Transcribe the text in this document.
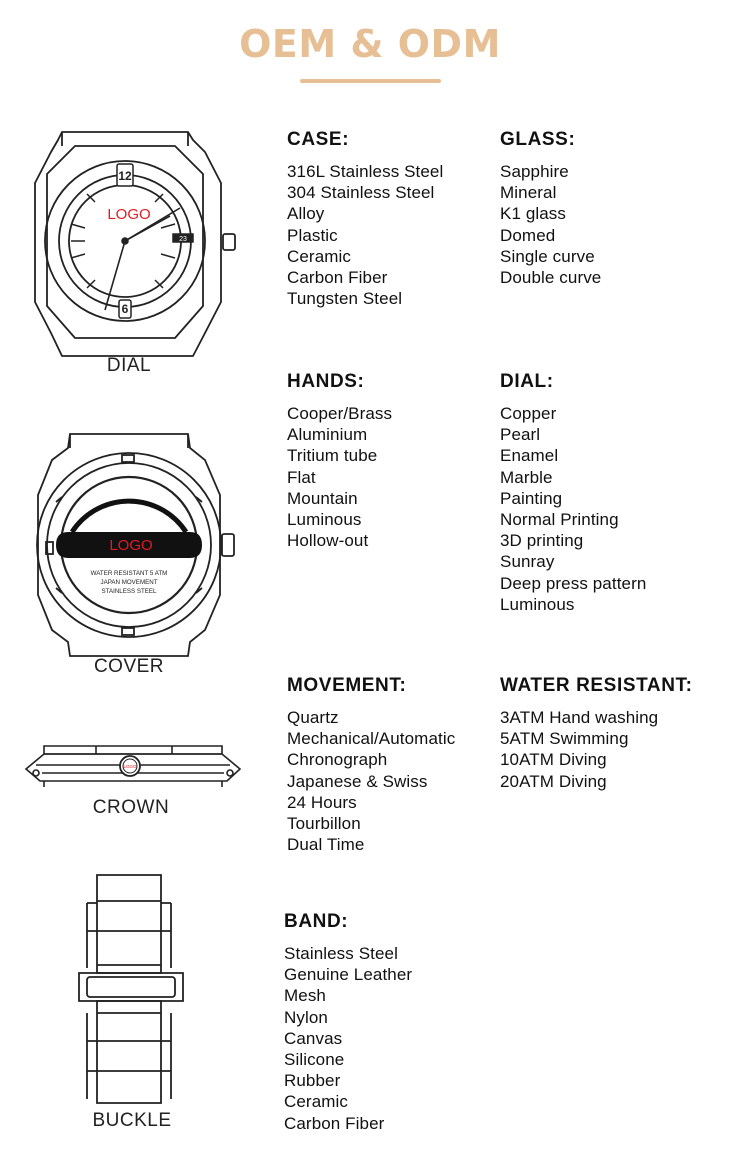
OEM & ODM
12
6
23
LOGO
DIAL
LOGO
WATER RESISTANT 5 ATM
JAPAN MOVEMENT
STAINLESS STEEL
COVER
LOGO
CROWN
BUCKLE
CASE:
316L Stainless Steel
304 Stainless Steel
Alloy
Plastic
Ceramic
Carbon Fiber
Tungsten Steel
GLASS:
Sapphire
Mineral
K1 glass
Domed
Single curve
Double curve
HANDS:
Cooper/Brass
Aluminium
Tritium tube
Flat
Mountain
Luminous
Hollow-out
DIAL:
Copper
Pearl
Enamel
Marble
Painting
Normal Printing
3D printing
Sunray
Deep press pattern
Luminous
MOVEMENT:
Quartz
Mechanical/Automatic
Chronograph
Japanese & Swiss
24 Hours
Tourbillon
Dual Time
WATER RESISTANT:
3ATM Hand washing
5ATM Swimming
10ATM Diving
20ATM Diving
BAND:
Stainless Steel
Genuine Leather
Mesh
Nylon
Canvas
Silicone
Rubber
Ceramic
Carbon Fiber
